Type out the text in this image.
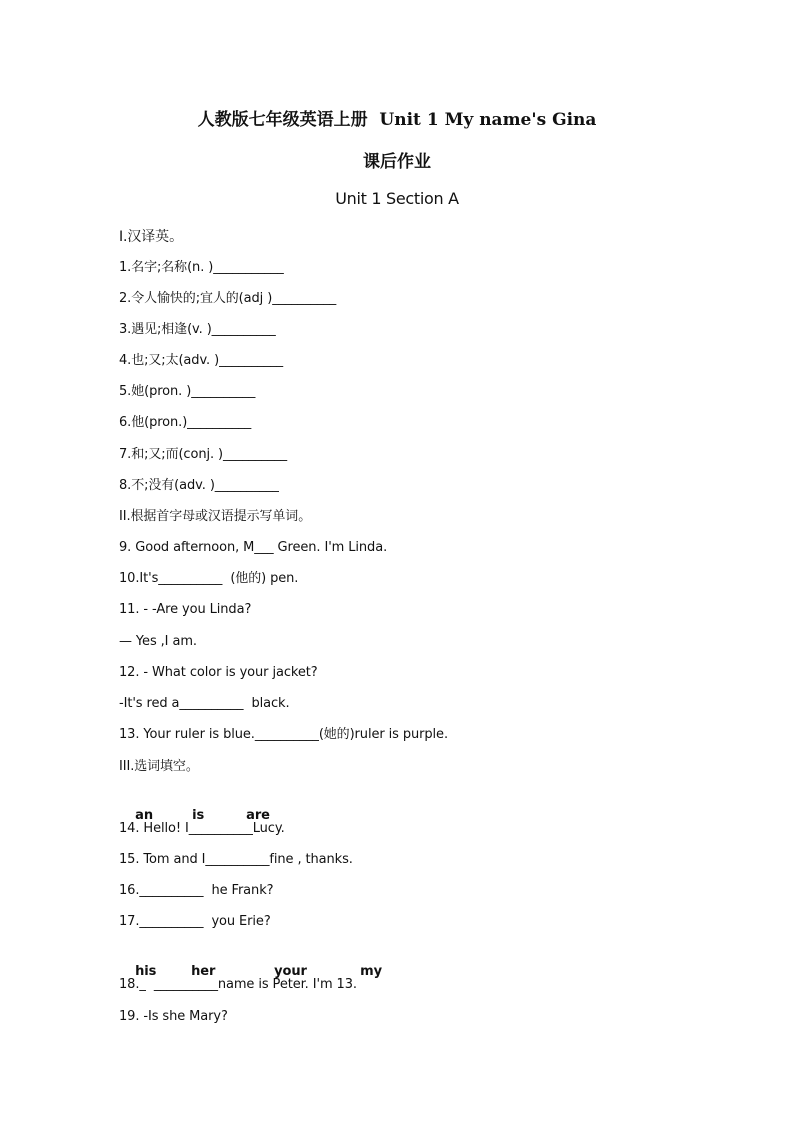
人教版七年级英语上册  Unit 1 My name's Gina
课后作业
Unit 1 Section A
Ⅰ.汉译英。
1.名字;名称(n. )___________
2.令人愉快的;宜人的(adj )__________
3.遇见;相逢(v. )__________
4.也;又;太(adv. )__________
5.她(pron. )__________
6.他(pron.)__________
7.和;又;而(conj. )__________
8.不;没有(adv. )__________
II.根据首字母或汉语提示写单词。
9. Good afternoon, M___ Green. I'm Linda.
10.It's__________  (他的) pen.
11. - -Are you Linda?
— Yes ,I am.
12. - What color is your jacket?
-It's red a__________  black.
13. Your ruler is blue.__________(她的)ruler is purple.
III.选词填空。

an	is	are

14. Hello! I__________Lucy.
15. Tom and I__________fine , thanks.
16.__________  he Frank?
17.__________  you Erie?

his	her	your	my

18._  __________name is Peter. I'm 13.
19. -Is she Mary?
